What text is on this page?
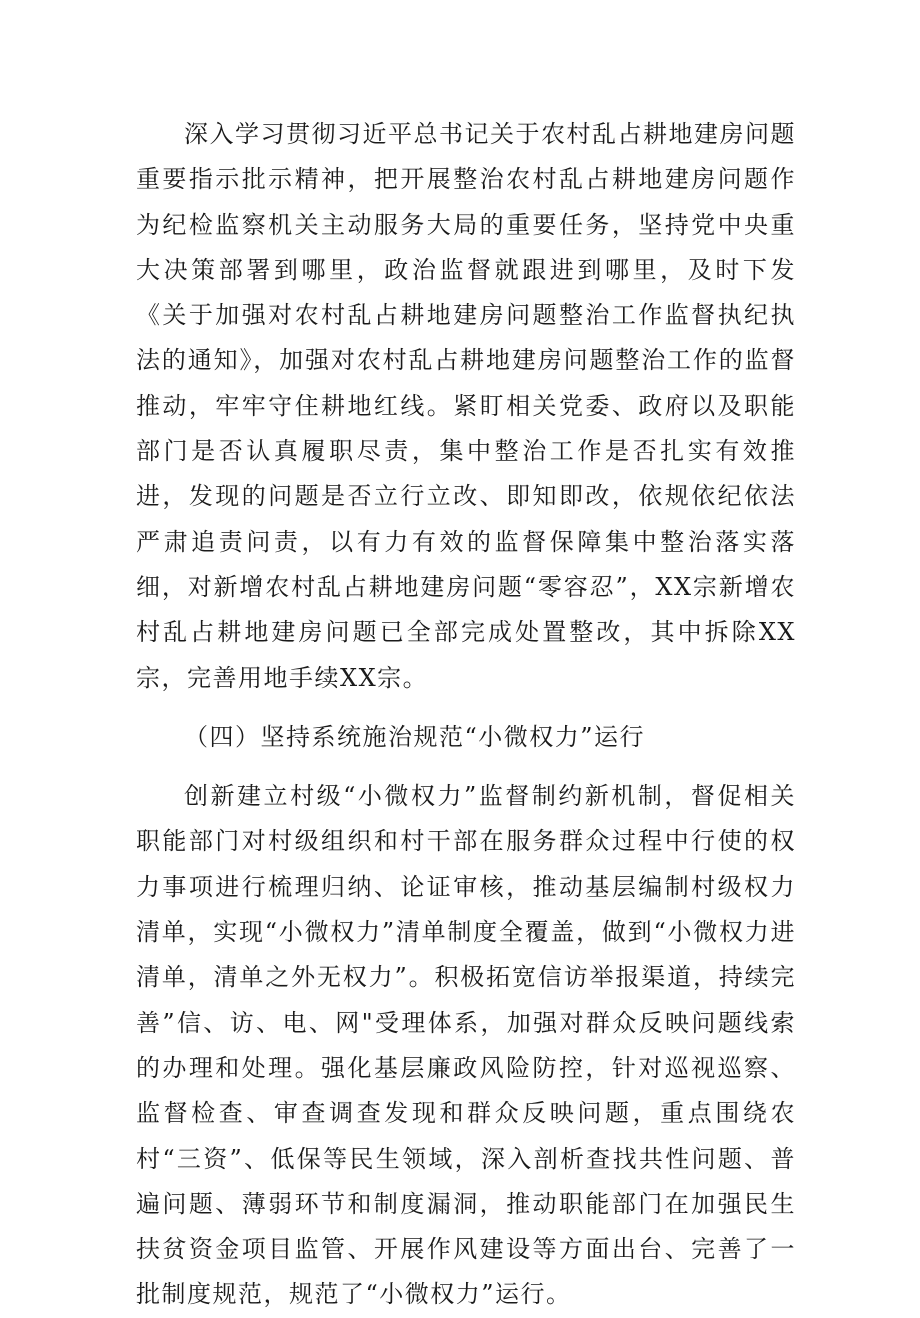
深入学习贯彻习近平总书记关于农村乱占耕地建房问题重要指示批示精神，把开展整治农村乱占耕地建房问题作为纪检监察机关主动服务大局的重要任务，坚持党中央重大决策部署到哪里，政治监督就跟进到哪里，及时下发《关于加强对农村乱占耕地建房问题整治工作监督执纪执法的通知》，加强对农村乱占耕地建房问题整治工作的监督推动，牢牢守住耕地红线。紧盯相关党委、政府以及职能部门是否认真履职尽责，集中整治工作是否扎实有效推进，发现的问题是否立行立改、即知即改，依规依纪依法严肃追责问责，以有力有效的监督保障集中整治落实落细，对新增农村乱占耕地建房问题“零容忍”，XX宗新增农村乱占耕地建房问题已全部完成处置整改，其中拆除XX宗，完善用地手续XX宗。

（四）坚持系统施治规范“小微权力”运行

创新建立村级“小微权力”监督制约新机制，督促相关职能部门对村级组织和村干部在服务群众过程中行使的权力事项进行梳理归纳、论证审核，推动基层编制村级权力清单，实现“小微权力”清单制度全覆盖，做到“小微权力进清单，清单之外无权力”。积极拓宽信访举报渠道，持续完善”信、访、电、网"受理体系，加强对群众反映问题线索的办理和处理。强化基层廉政风险防控，针对巡视巡察、监督检查、审查调查发现和群众反映问题，重点围绕农村“三资”、低保等民生领域，深入剖析查找共性问题、普遍问题、薄弱环节和制度漏洞，推动职能部门在加强民生扶贫资金项目监管、开展作风建设等方面出台、完善了一批制度规范，规范了“小微权力”运行。
